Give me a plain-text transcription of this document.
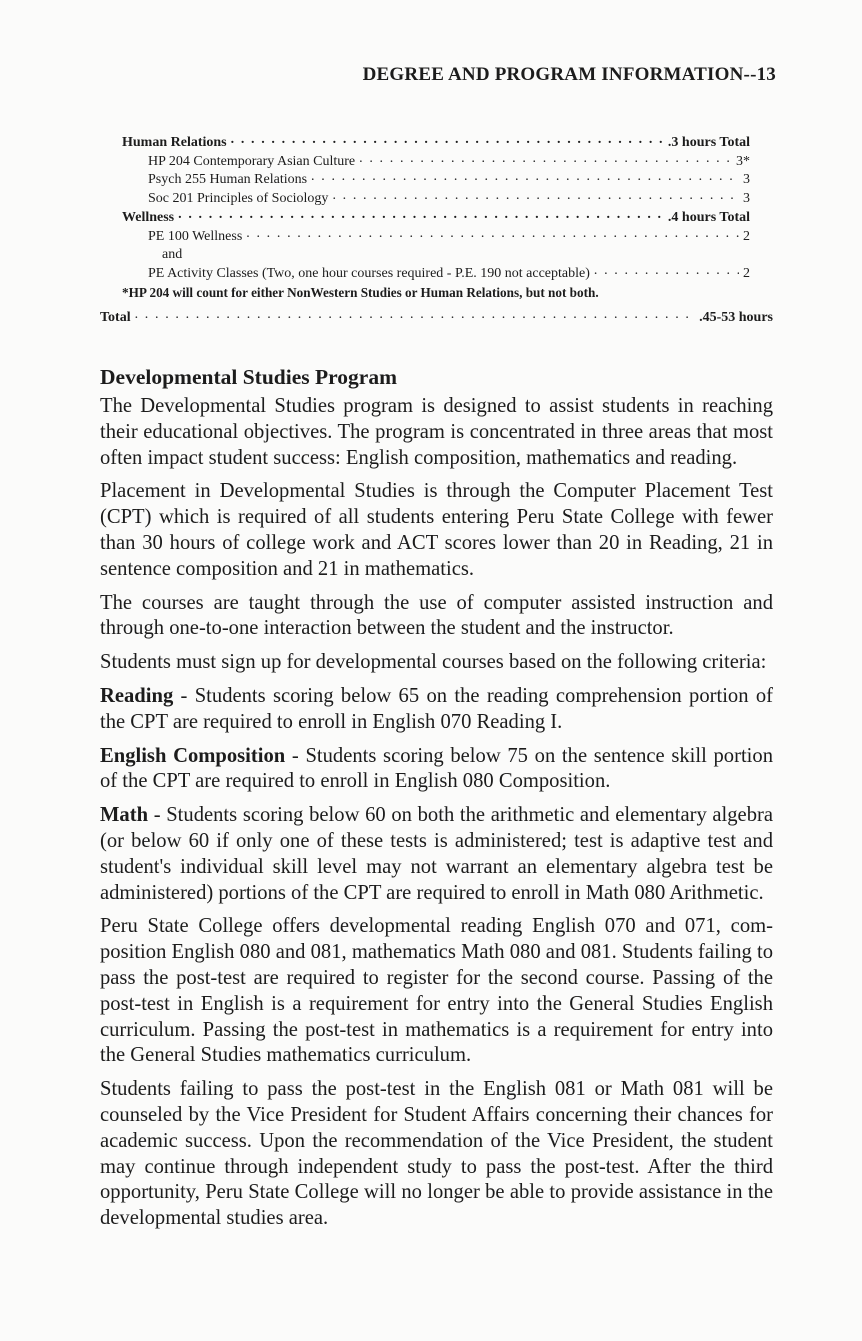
DEGREE AND PROGRAM INFORMATION--13
Human Relations . . .	.3 hours Total
HP 204 Contemporary Asian Culture . . .	3*
Psych 255 Human Relations . . .	3
Soc 201 Principles of Sociology . . .	3
Wellness . . .	.4 hours Total
PE 100 Wellness . . .	2
and
PE Activity Classes (Two, one hour courses required - P.E. 190 not acceptable) . . .	2
*HP 204 will count for either NonWestern Studies or Human Relations, but not both.
Total . . .	.45-53 hours
Developmental Studies Program

The Developmental Studies program is designed to assist students in reaching their educational objectives. The program is concentrated in three areas that most often impact student success: English composition, mathematics and reading.

Placement in Developmental Studies is through the Computer Placement Test (CPT) which is required of all students entering Peru State College with fewer than 30 hours of college work and ACT scores lower than 20 in Reading, 21 in sentence composition and 21 in mathematics.

The courses are taught through the use of computer assisted instruction and through one-to-one interaction between the student and the instructor.

Students must sign up for developmental courses based on the following criteria:

Reading - Students scoring below 65 on the reading comprehension portion of the CPT are required to enroll in English 070 Reading I.

English Composition - Students scoring below 75 on the sentence skill portion of the CPT are required to enroll in English 080 Composition.

Math - Students scoring below 60 on both the arithmetic and elementary algebra (or below 60 if only one of these tests is administered; test is adaptive test and student's individual skill level may not warrant an elementary algebra test be administered) portions of the CPT are required to enroll in Math 080 Arithmetic.

Peru State College offers developmental reading English 070 and 071, composition English 080 and 081, mathematics Math 080 and 081. Students failing to pass the post-test are required to register for the second course. Passing of the post-test in English is a requirement for entry into the General Studies English curriculum. Passing the post-test in mathematics is a requirement for entry into the General Studies mathematics curriculum.

Students failing to pass the post-test in the English 081 or Math 081 will be counseled by the Vice President for Student Affairs concerning their chances for academic success. Upon the recommendation of the Vice President, the student may continue through independent study to pass the post-test. After the third opportunity, Peru State College will no longer be able to provide assistance in the developmental studies area.
